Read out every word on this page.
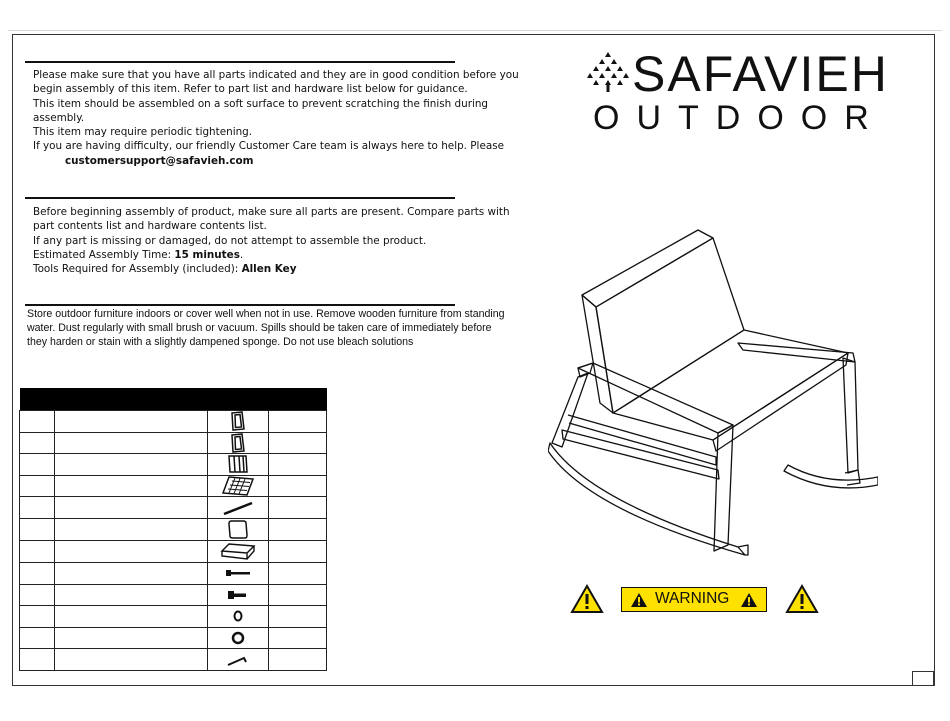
Please make sure that you have all parts indicated and they are in good condition before you begin assembly of this item. Refer to part list and hardware list below for guidance.

This item should be assembled on a soft surface to prevent scratching the finish during assembly.

This item may require periodic tightening.

If you are having difficulty, our friendly Customer Care team is always here to help. Please

customersupport@safavieh.com

Before beginning assembly of product, make sure all parts are present. Compare parts with part contents list and hardware contents list.

If any part is missing or damaged, do not attempt to assemble the product.

Estimated Assembly Time: 15 minutes.

Tools Required for Assembly (included): Allen Key

Store outdoor furniture indoors or cover well when not in use. Remove wooden furniture from standing water. Dust regularly with small brush or vacuum. Spills should be taken care of immediately before they harden or stain with a slightly dampened sponge. Do not use bleach solutions
SAFAVIEH
OUTDOOR

WARNING
